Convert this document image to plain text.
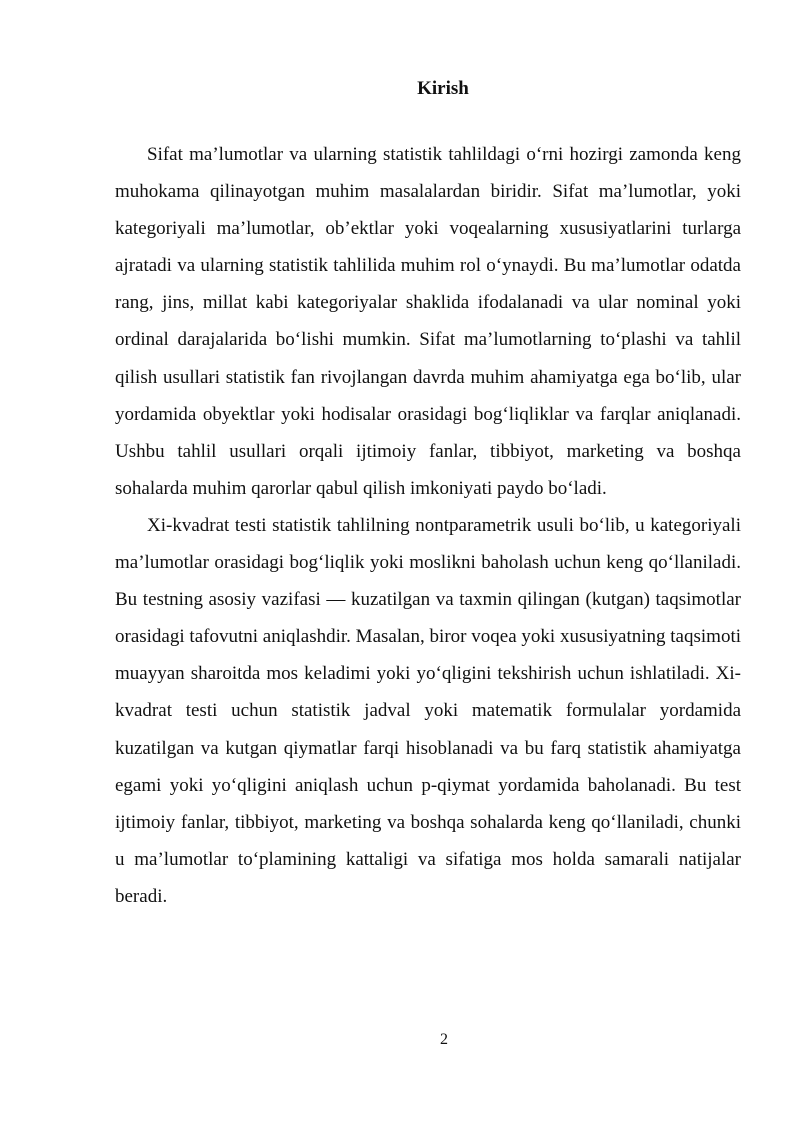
Kirish

Sifat ma’lumotlar va ularning statistik tahlildagi o‘rni hozirgi zamonda keng muhokama qilinayotgan muhim masalalardan biridir. Sifat ma’lumotlar, yoki kategoriyali ma’lumotlar, ob’ektlar yoki voqealarning xususiyatlarini turlarga ajratadi va ularning statistik tahlilida muhim rol o‘ynaydi. Bu ma’lumotlar odatda rang, jins, millat kabi kategoriyalar shaklida ifodalanadi va ular nominal yoki ordinal darajalarida bo‘lishi mumkin. Sifat ma’lumotlarning to‘plashi va tahlil qilish usullari statistik fan rivojlangan davrda muhim ahamiyatga ega bo‘lib, ular yordamida obyektlar yoki hodisalar orasidagi bog‘liqliklar va farqlar aniqlanadi. Ushbu tahlil usullari orqali ijtimoiy fanlar, tibbiyot, marketing va boshqa sohalarda muhim qarorlar qabul qilish imkoniyati paydo bo‘ladi.

Xi-kvadrat testi statistik tahlilning nontparametrik usuli bo‘lib, u kategoriyali ma’lumotlar orasidagi bog‘liqlik yoki moslikni baholash uchun keng qo‘llaniladi. Bu testning asosiy vazifasi — kuzatilgan va taxmin qilingan (kutgan) taqsimotlar orasidagi tafovutni aniqlashdir. Masalan, biror voqea yoki xususiyatning taqsimoti muayyan sharoitda mos keladimi yoki yo‘qligini tekshirish uchun ishlatiladi. Xi-kvadrat testi uchun statistik jadval yoki matematik formulalar yordamida kuzatilgan va kutgan qiymatlar farqi hisoblanadi va bu farq statistik ahamiyatga egami yoki yo‘qligini aniqlash uchun p-qiymat yordamida baholanadi. Bu test ijtimoiy fanlar, tibbiyot, marketing va boshqa sohalarda keng qo‘llaniladi, chunki u ma’lumotlar to‘plamining kattaligi va sifatiga mos holda samarali natijalar beradi.

2
